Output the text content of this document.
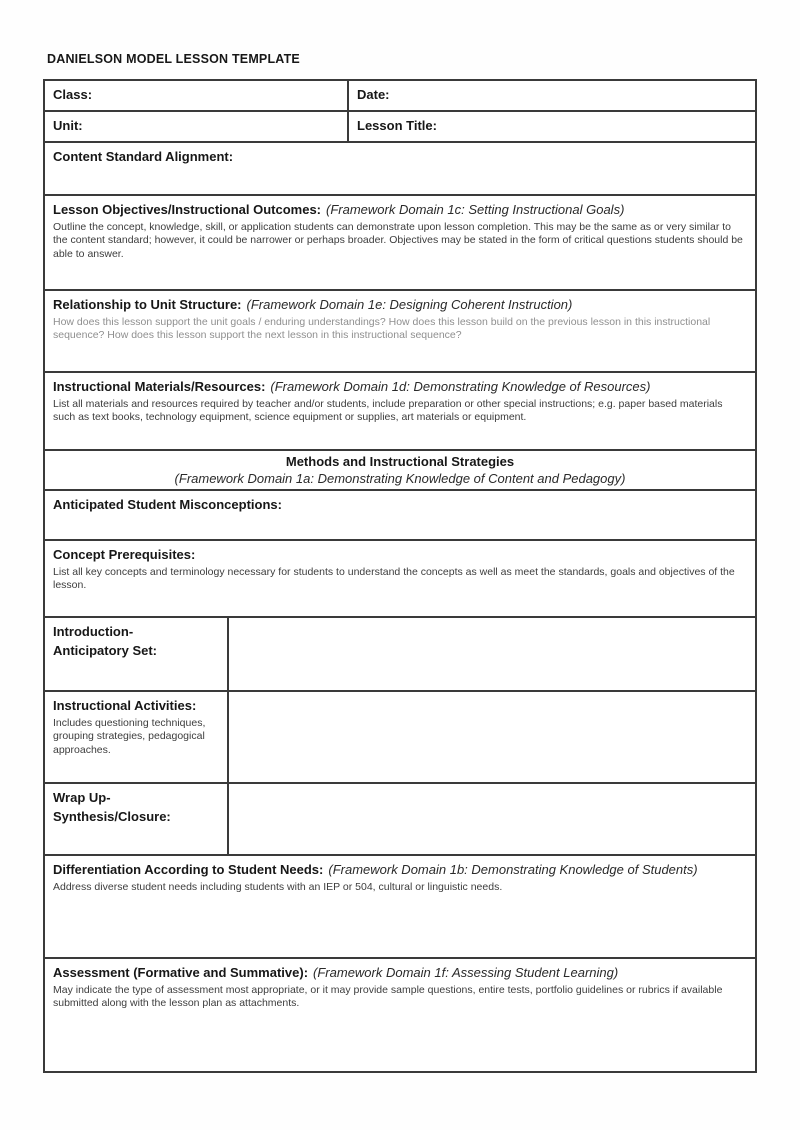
DANIELSON MODEL LESSON TEMPLATE
Class:	Date:
Unit:	Lesson Title:
Content Standard Alignment:
Lesson Objectives/Instructional Outcomes: (Framework Domain 1c: Setting Instructional Goals)
Outline the concept, knowledge, skill, or application students can demonstrate upon lesson completion. This may be the same as or very similar to the content standard; however, it could be narrower or perhaps broader. Objectives may be stated in the form of critical questions students should be able to answer.
Relationship to Unit Structure: (Framework Domain 1e: Designing Coherent Instruction)
How does this lesson support the unit goals / enduring understandings? How does this lesson build on the previous lesson in this instructional sequence? How does this lesson support the next lesson in this instructional sequence?
Instructional Materials/Resources: (Framework Domain 1d: Demonstrating Knowledge of Resources)
List all materials and resources required by teacher and/or students, include preparation or other special instructions; e.g. paper based materials such as text books, technology equipment, science equipment or supplies, art materials or equipment.
Methods and Instructional Strategies
(Framework Domain 1a: Demonstrating Knowledge of Content and Pedagogy)
Anticipated Student Misconceptions:
Concept Prerequisites:
List all key concepts and terminology necessary for students to understand the concepts as well as meet the standards, goals and objectives of the lesson.
Introduction-
Anticipatory Set:
Instructional Activities:
Includes questioning techniques, grouping strategies, pedagogical approaches.
Wrap Up-
Synthesis/Closure:
Differentiation According to Student Needs: (Framework Domain 1b: Demonstrating Knowledge of Students)
Address diverse student needs including students with an IEP or 504, cultural or linguistic needs.
Assessment (Formative and Summative): (Framework Domain 1f: Assessing Student Learning)
May indicate the type of assessment most appropriate, or it may provide sample questions, entire tests, portfolio guidelines or rubrics if available submitted along with the lesson plan as attachments.
